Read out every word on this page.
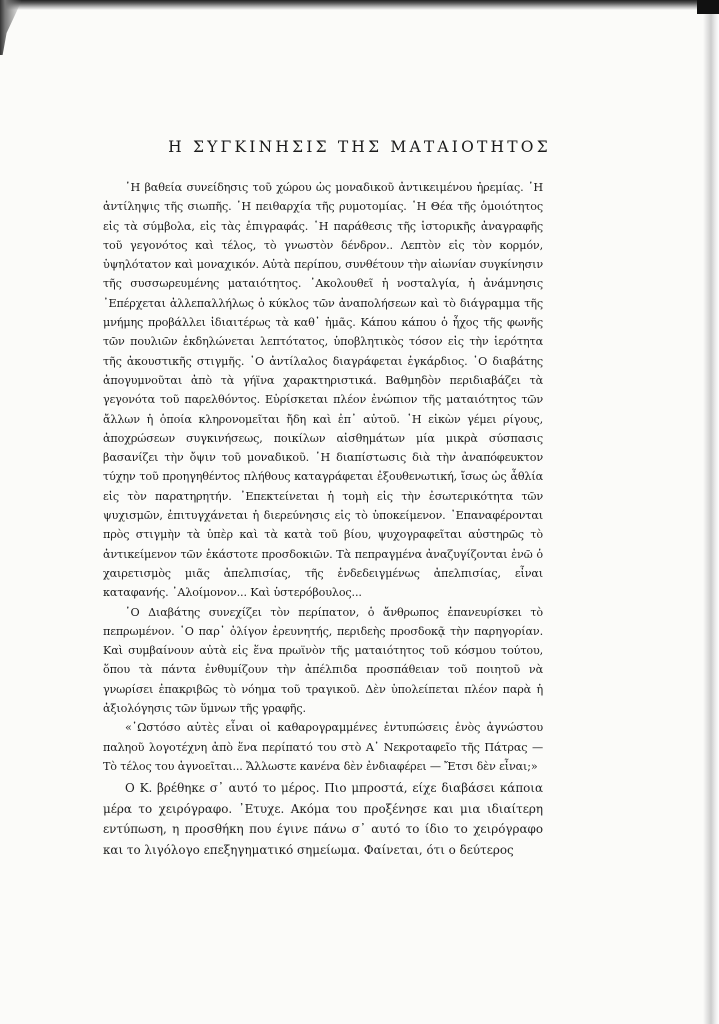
Η ΣΥΓΚΙΝΗΣΙΣ ΤΗΣ ΜΑΤΑΙΟΤΗΤΟΣ

῾Η βαθεία συνείδησις τοῦ χώρου ὡς μοναδικοῦ ἀντικειμένου ἠρεμίας. ῾Η ἀντίληψις τῆς σιωπῆς. ῾Η πειθαρχία τῆς ρυμοτομίας. ῾Η Θέα τῆς ὁμοιότητος εἰς τὰ σύμβολα, εἰς τὰς ἐπιγραφάς. ῾Η παράθεσις τῆς ἱστορικῆς ἀναγραφῆς τοῦ γεγονότος καὶ τέλος, τὸ γνωστὸν δένδρον.. Λεπτὸν εἰς τὸν κορμόν, ὑψηλότατον καὶ μοναχικόν. Αὐτὰ περίπου, συνθέτουν τὴν αἰωνίαν συγκίνησιν τῆς συσσωρευμένης ματαιότητος. ᾿Ακολουθεῖ ἡ νοσταλγία, ἡ ἀνάμνησις ᾿Επέρχεται ἀλλεπαλλήλως ὁ κύκλος τῶν ἀναπολήσεων καὶ τὸ διάγραμμα τῆς μνήμης προβάλλει ἰδιαιτέρως τὰ καθ᾿ ἡμᾶς. Κάπου κάπου ὁ ἦχος τῆς φωνῆς τῶν πουλιῶν ἐκδηλώνεται λεπτότατος, ὑποβλητικὸς τόσον εἰς τὴν ἱερότητα τῆς ἀκουστικῆς στιγμῆς. ῾Ο ἀντίλαλος διαγράφεται ἐγκάρδιος. ῾Ο διαβάτης ἀπογυμνοῦται ἀπὸ τὰ γήϊνα χαρακτηριστικά. Βαθμηδὸν περιδιαβάζει τὰ γεγονότα τοῦ παρελθόντος. Εὑρίσκεται πλέον ἐνώπιον τῆς ματαιότητος τῶν ἄλλων ἡ ὁποία κληρονομεῖται ἤδη καὶ ἐπ᾿ αὐτοῦ. ῾Η εἰκὼν γέμει ρίγους, ἀποχρώσεων συγκινήσεως, ποικίλων αἰσθημάτων μία μικρὰ σύσπασις βασανίζει τὴν ὄψιν τοῦ μοναδικοῦ. ῾Η διαπίστωσις διὰ τὴν ἀναπόφευκτον τύχην τοῦ προηγηθέντος πλήθους καταγράφεται ἐξουθενωτική, ἴσως ὡς ἆθλία εἰς τὸν παρατηρητήν. ᾿Επεκτείνεται ἡ τομὴ εἰς τὴν ἐσωτερικότητα τῶν ψυχισμῶν, ἐπιτυγχάνεται ἡ διερεύνησις εἰς τὸ ὑποκείμενον. ᾿Επαναφέρονται πρὸς στιγμὴν τὰ ὑπὲρ καὶ τὰ κατὰ τοῦ βίου, ψυχογραφεῖται αὐστηρῶς τὸ ἀντικείμενον τῶν ἑκάστοτε προσδοκιῶν. Τὰ πεπραγμένα ἀναζυγίζονται ἐνῶ ὁ χαιρετισμὸς μιᾶς ἀπελπισίας, τῆς ἐνδεδειγμένως ἀπελπισίας, εἶναι καταφανής. ᾿Αλοίμονον... Καὶ ὑστερόβουλος...

῾Ο Διαβάτης συνεχίζει τὸν περίπατον, ὁ ἄνθρωπος ἐπανευρίσκει τὸ πεπρωμένον. ῾Ο παρ᾿ ὀλίγον ἐρευνητής, περιδεὴς προσδοκᾷ τὴν παρηγορίαν. Καὶ συμβαίνουν αὐτὰ εἰς ἕνα πρωϊνὸν τῆς ματαιότητος τοῦ κόσμου τούτου, ὅπου τὰ πάντα ἐνθυμίζουν τὴν ἀπέλπιδα προσπάθειαν τοῦ ποιητοῦ νὰ γνωρίσει ἐπακριβῶς τὸ νόημα τοῦ τραγικοῦ. Δὲν ὑπολείπεται πλέον παρὰ ἡ ἀξιολόγησις τῶν ὕμνων τῆς γραφῆς.

«῾Ωστόσο αὐτὲς εἶναι οἱ καθαρογραμμένες ἐντυπώσεις ἑνὸς ἀγνώστου παληοῦ λογοτέχνη ἀπὸ ἕνα περίπατό του στὸ Α᾿ Νεκροταφεῖο τῆς Πάτρας — Τὸ τέλος του ἀγνοεῖται... Ἄλλωστε κανένα δὲν ἐνδιαφέρει — Ἔτσι δὲν εἶναι;»

Ο Κ. βρέθηκε σ᾿ αυτό το μέρος. Πιο μπροστά, είχε διαβάσει κάποια μέρα το χειρόγραφο. ᾿Ετυχε. Ακόμα του προξένησε και μια ιδιαίτερη εντύπωση, η προσθήκη που έγινε πάνω σ᾿ αυτό το ίδιο το χειρόγραφο και το λιγόλογο επεξηγηματικό σημείωμα. Φαίνεται, ότι ο δεύτερος
